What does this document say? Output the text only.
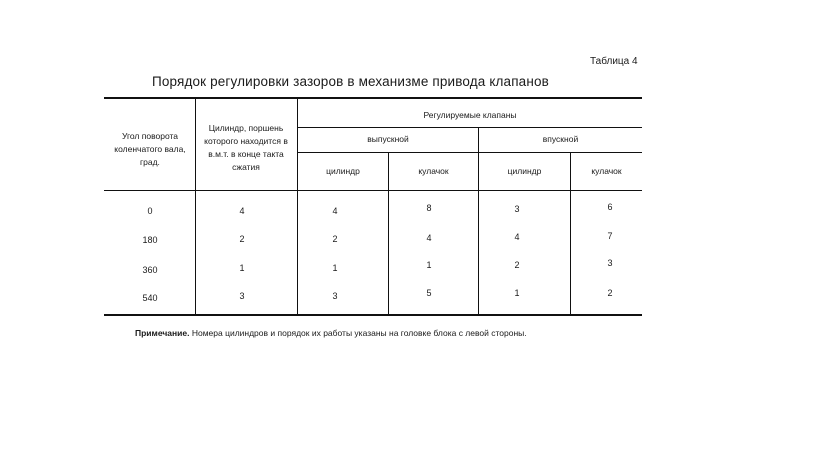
Таблица 4
Порядок регулировки зазоров в механизме привода клапанов
Угол поворота коленчатого вала, град.
Цилиндр, поршень которого находится в в.м.т. в конце такта сжатия
Регулируемые клапаны
выпускной	впускной
цилиндр	кулачок	цилиндр	кулачок
0	4	4	8	3	6
180	2	2	4	4	7
360	1	1	1	2	3
540	3	3	5	1	2
Примечание. Номера цилиндров и порядок их работы указаны на головке блока с левой стороны.
